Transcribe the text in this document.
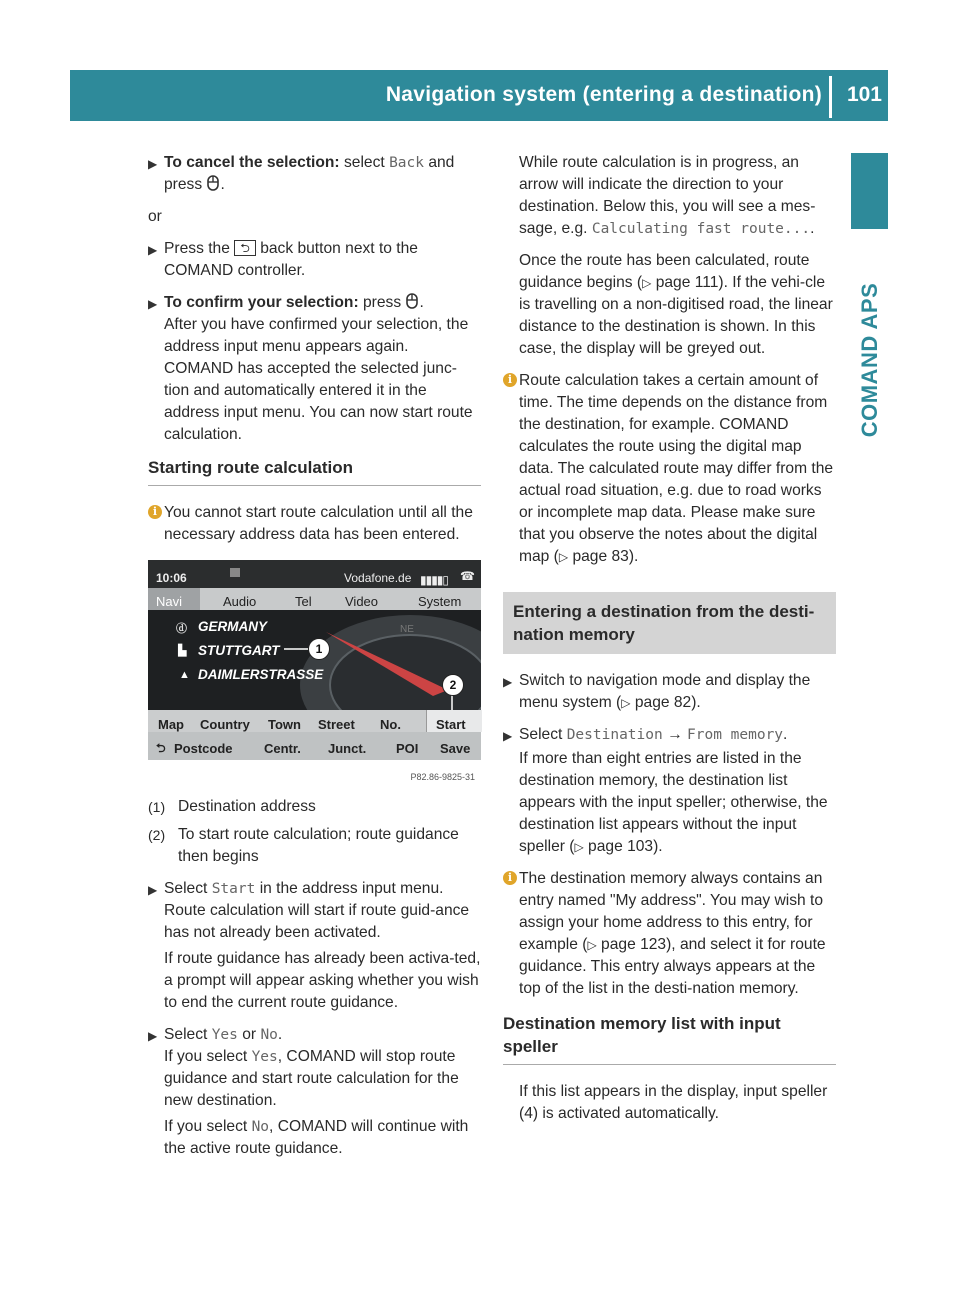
Navigation system (entering a destination) 101
COMAND APS

▶ To cancel the selection: select Back and
press .

or

▶ Press the ⮌ back button next to the
COMAND controller.

▶ To confirm your selection: press .

After you have confirmed your selection, the address input menu appears again. COMAND has accepted the selected junc-tion and automatically entered it in the address input menu. You can now start route calculation.

Starting route calculation

i You cannot start route calculation until all the necessary address data has been entered.

10:06	Vodafone.de ▮▮▮▮▯ ☎
Navi	Audio	Tel	Video	System
NE
ⓓ GERMANY
▙ STUTTGART
▲ DAIMLERSTRASSE
1
2
Map Country Town Street No.	Start
⮌ Postcode Centr. Junct. POI Save
P82.86-9825-31

(1) Destination address

(2) To start route calculation; route guidance then begins

▶ Select Start in the address input menu. Route calculation will start if route guid-ance has not already been activated.

If route guidance has already been activa-ted, a prompt will appear asking whether you wish to end the current route guidance.

▶ Select Yes or No.
If you select Yes, COMAND will stop route guidance and start route calculation for the new destination.

If you select No, COMAND will continue with the active route guidance.

While route calculation is in progress, an arrow will indicate the direction to your destination. Below this, you will see a mes-sage, e.g. Calculating fast route....

Once the route has been calculated, route guidance begins (▷ page 111). If the vehi-cle is travelling on a non-digitised road, the linear distance to the destination is shown. In this case, the display will be greyed out.

i Route calculation takes a certain amount of time. The time depends on the distance from the destination, for example. COMAND calculates the route using the digital map data. The calculated route may differ from the actual road situation, e.g. due to road works or incomplete map data. Please make sure that you observe the notes about the digital map (▷ page 83).

Entering a destination from the desti-nation memory

▶ Switch to navigation mode and display the menu system (▷ page 82).

▶ Select Destination → From memory.

If more than eight entries are listed in the destination memory, the destination list appears with the input speller; otherwise, the destination list appears without the input speller (▷ page 103).

i The destination memory always contains an entry named "My address". You may wish to assign your home address to this entry, for example (▷ page 123), and select it for route guidance. This entry always appears at the top of the list in the desti-nation memory.

Destination memory list with input speller

If this list appears in the display, input speller (4) is activated automatically.
